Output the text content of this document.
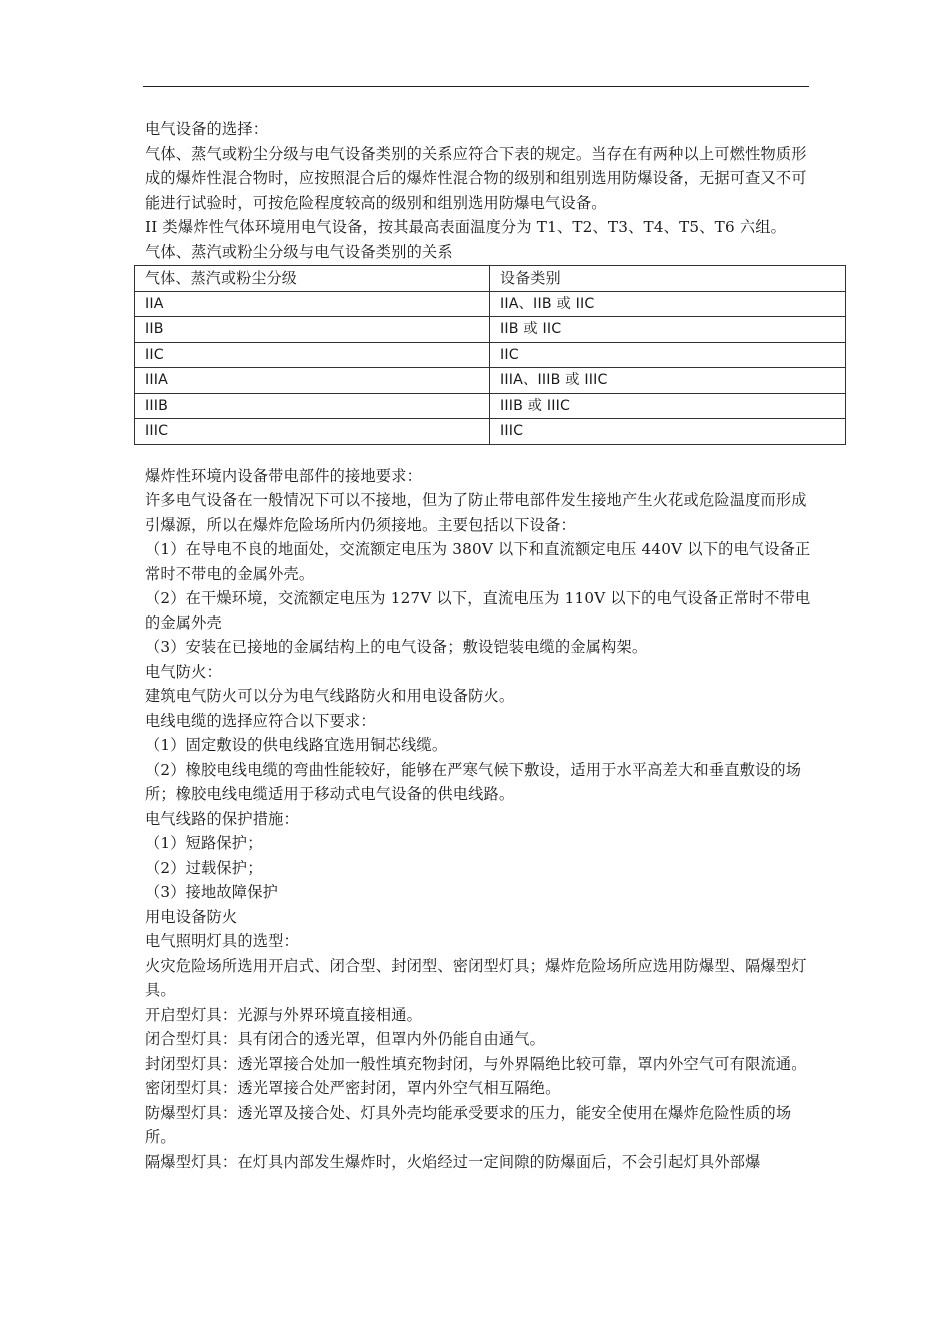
电气设备的选择：

气体、蒸气或粉尘分级与电气设备类别的关系应符合下表的规定。当存在有两种以上可燃性物质形成的爆炸性混合物时，应按照混合后的爆炸性混合物的级别和组别选用防爆设备，无据可查又不可能进行试验时，可按危险程度较高的级别和组别选用防爆电气设备。

II 类爆炸性气体环境用电气设备，按其最高表面温度分为 T1、T2、T3、T4、T5、T6 六组。

气体、蒸汽或粉尘分级与电气设备类别的关系

气体、蒸汽或粉尘分级	设备类别
IIA	IIA、IIB 或 IIC
IIB	IIB 或 IIC
IIC	IIC
IIIA	IIIA、IIIB 或 IIIC
IIIB	IIIB 或 IIIC
IIIC	IIIC

爆炸性环境内设备带电部件的接地要求：

许多电气设备在一般情况下可以不接地，但为了防止带电部件发生接地产生火花或危险温度而形成引爆源，所以在爆炸危险场所内仍须接地。主要包括以下设备：

（1）在导电不良的地面处，交流额定电压为 380V 以下和直流额定电压 440V 以下的电气设备正常时不带电的金属外壳。

（2）在干燥环境，交流额定电压为 127V 以下，直流电压为 110V 以下的电气设备正常时不带电的金属外壳

（3）安装在已接地的金属结构上的电气设备；敷设铠装电缆的金属构架。

电气防火：

建筑电气防火可以分为电气线路防火和用电设备防火。

电线电缆的选择应符合以下要求：

（1）固定敷设的供电线路宜选用铜芯线缆。

（2）橡胶电线电缆的弯曲性能较好，能够在严寒气候下敷设，适用于水平高差大和垂直敷设的场所；橡胶电线电缆适用于移动式电气设备的供电线路。

电气线路的保护措施：

（1）短路保护；

（2）过载保护；

（3）接地故障保护

用电设备防火

电气照明灯具的选型：

火灾危险场所选用开启式、闭合型、封闭型、密闭型灯具；爆炸危险场所应选用防爆型、隔爆型灯具。

开启型灯具：光源与外界环境直接相通。

闭合型灯具：具有闭合的透光罩，但罩内外仍能自由通气。

封闭型灯具：透光罩接合处加一般性填充物封闭，与外界隔绝比较可靠，罩内外空气可有限流通。

密闭型灯具：透光罩接合处严密封闭，罩内外空气相互隔绝。

防爆型灯具：透光罩及接合处、灯具外壳均能承受要求的压力，能安全使用在爆炸危险性质的场所。

隔爆型灯具：在灯具内部发生爆炸时，火焰经过一定间隙的防爆面后，不会引起灯具外部爆
